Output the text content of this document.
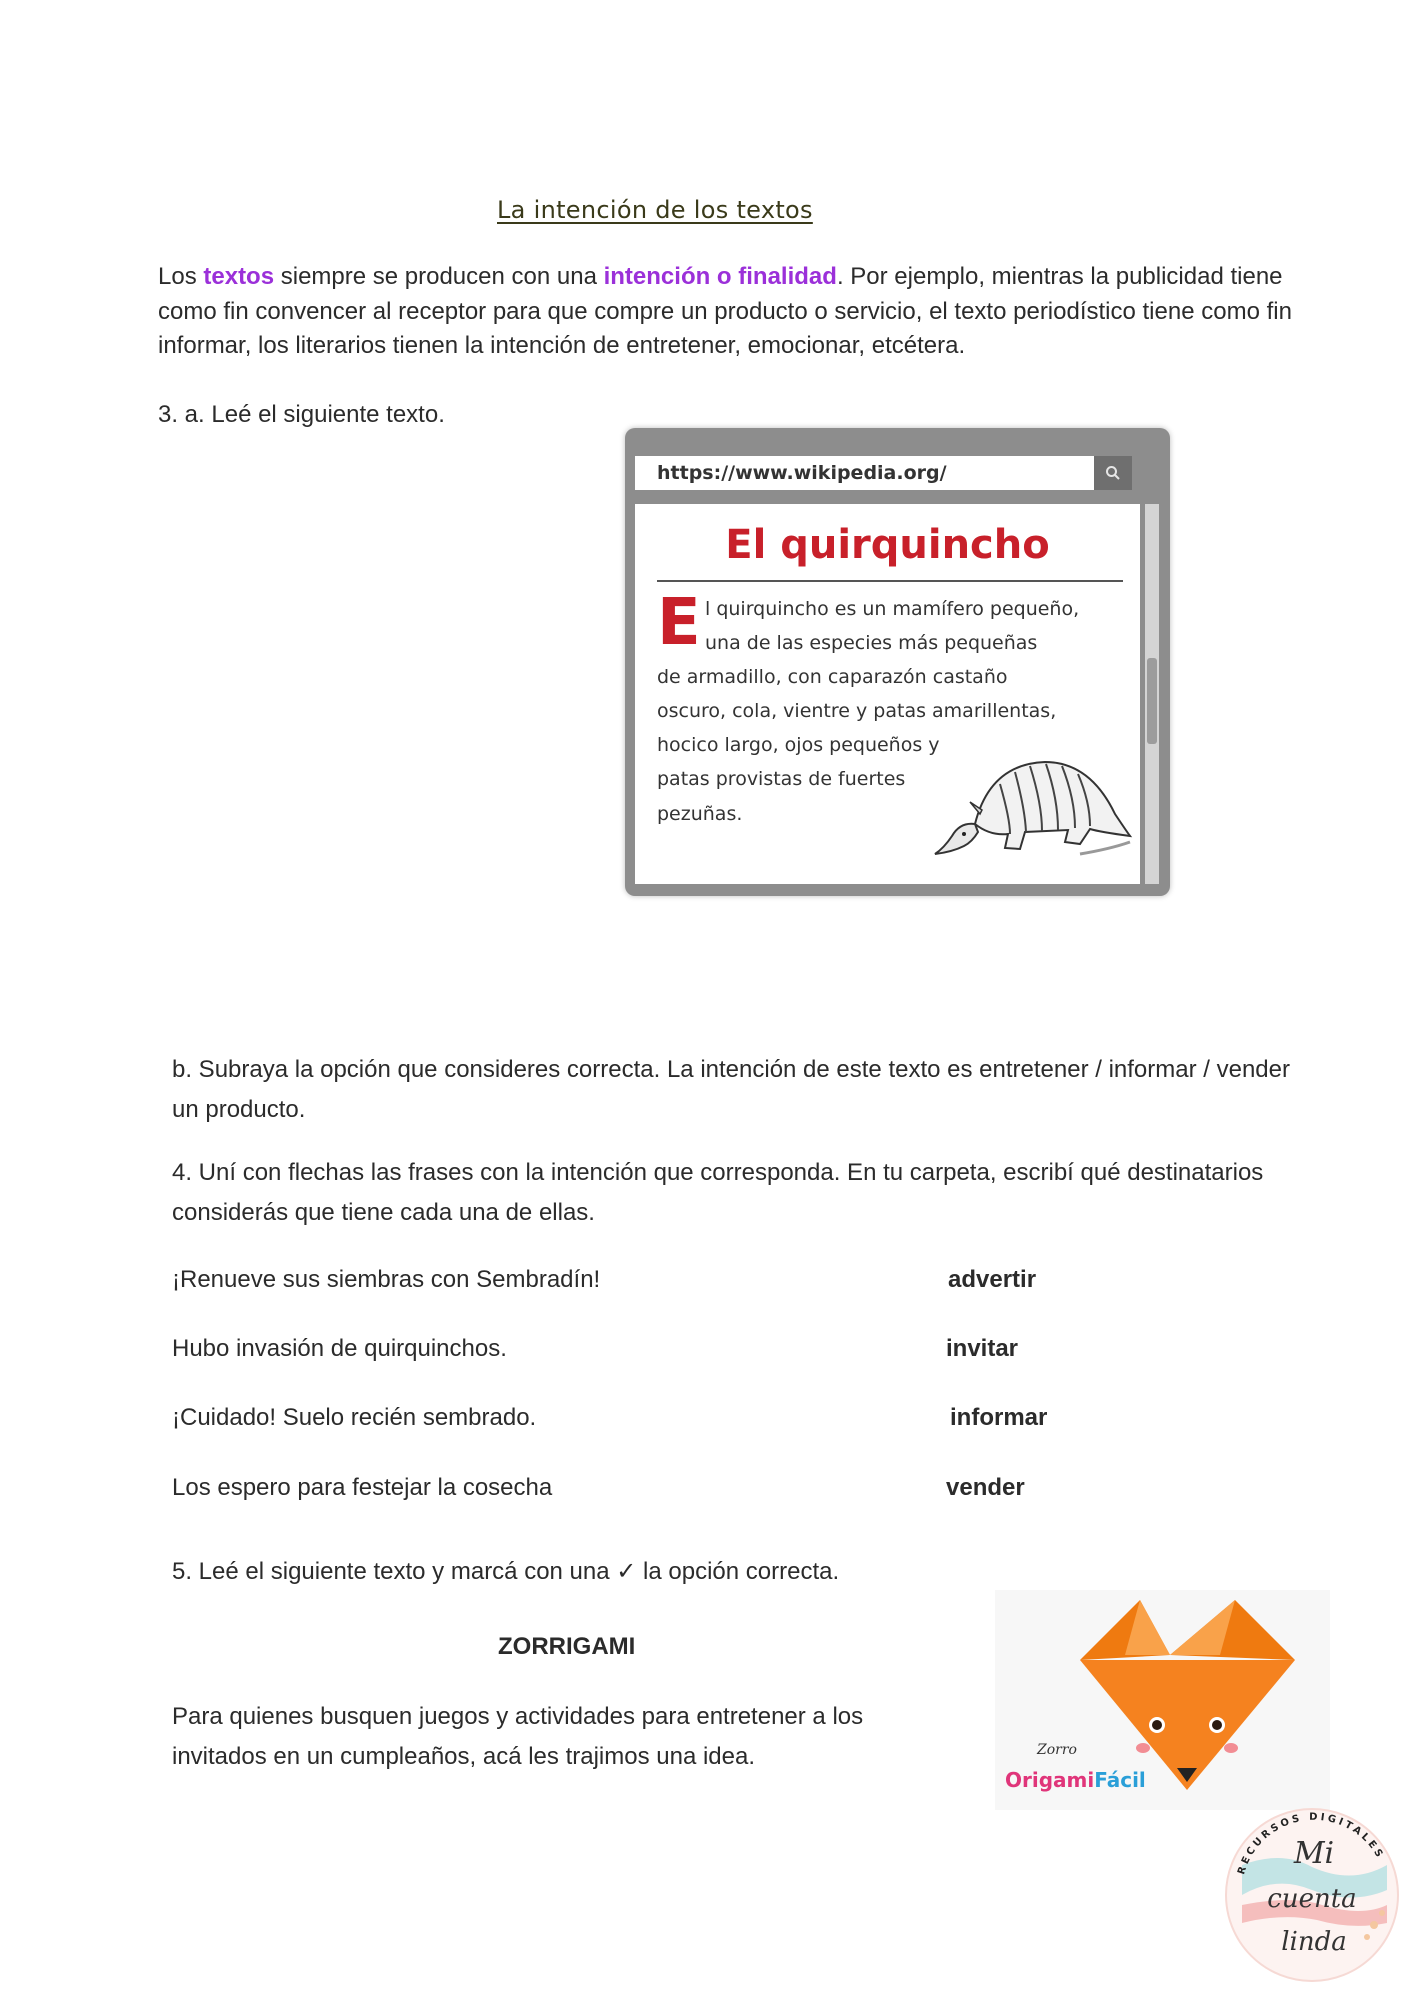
La intención de los textos
Los textos siempre se producen con una intención o finalidad. Por ejemplo, mientras la publicidad tiene como fin convencer al receptor para que compre un producto o servicio, el texto periodístico tiene como fin informar, los literarios tienen la intención de entretener, emocionar, etcétera.
3. a. Leé el siguiente texto.
https://www.wikipedia.org/
El quirquincho
E l quirquincho es un mamífero pequeño,
una de las especies más pequeñas
de armadillo, con caparazón castaño
oscuro, cola, vientre y patas amarillentas,
hocico largo, ojos pequeños y
patas provistas de fuertes
pezuñas.
b. Subraya la opción que consideres correcta. La intención de este texto es entretener / informar / vender un producto.
4. Uní con flechas las frases con la intención que corresponda. En tu carpeta, escribí qué destinatarios considerás que tiene cada una de ellas.
¡Renueve sus siembras con Sembradín!
Hubo invasión de quirquinchos.
¡Cuidado! Suelo recién sembrado.
Los espero para festejar la cosecha
advertir
invitar
informar
vender
5. Leé el siguiente texto y marcá con una ✓ la opción correcta.
ZORRIGAMI
Para quienes busquen juegos y actividades para entretener a los invitados en un cumpleaños, acá les trajimos una idea.	Zorro
OrigamiFácil
RECURSOS DIGITALES
Mi
cuenta
linda
